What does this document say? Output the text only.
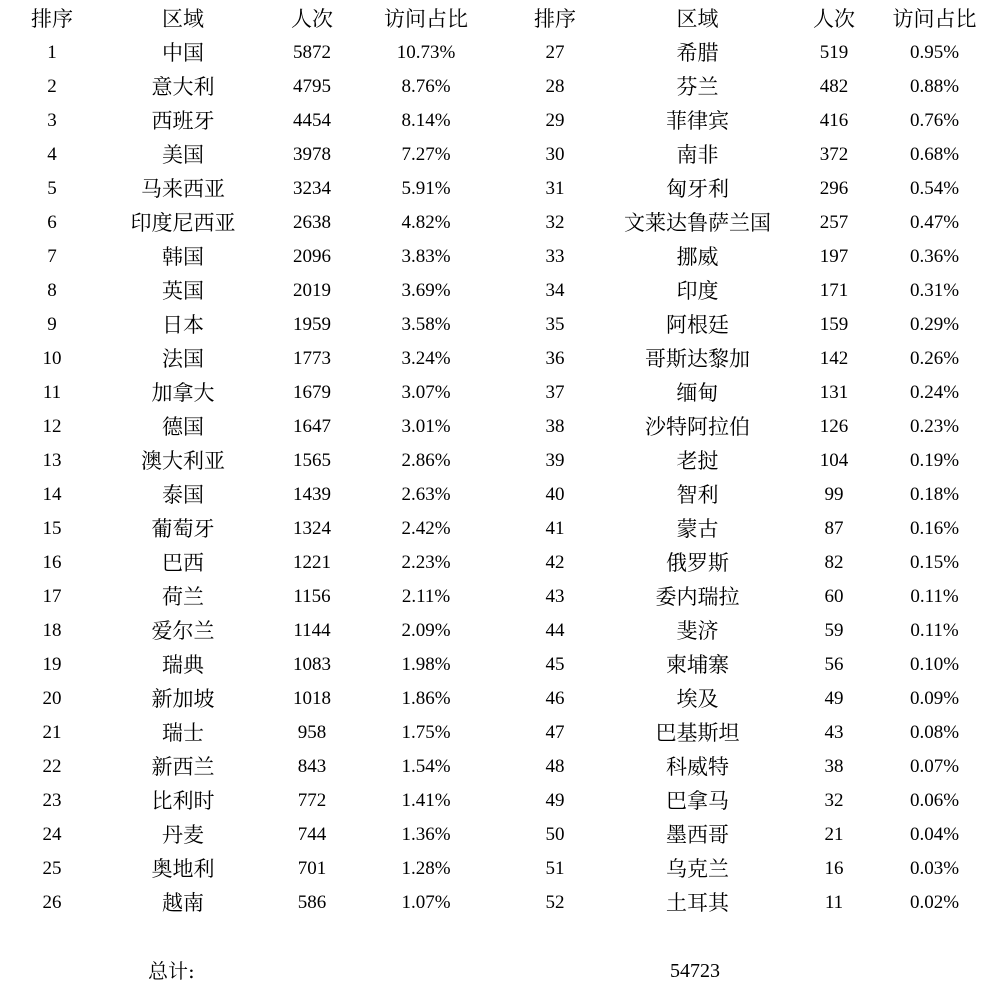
排序	区域	人次	访问占比
1	中国	5872	10.73%
2	意大利	4795	8.76%
3	西班牙	4454	8.14%
4	美国	3978	7.27%
5	马来西亚	3234	5.91%
6	印度尼西亚	2638	4.82%
7	韩国	2096	3.83%
8	英国	2019	3.69%
9	日本	1959	3.58%
10	法国	1773	3.24%
11	加拿大	1679	3.07%
12	德国	1647	3.01%
13	澳大利亚	1565	2.86%
14	泰国	1439	2.63%
15	葡萄牙	1324	2.42%
16	巴西	1221	2.23%
17	荷兰	1156	2.11%
18	爱尔兰	1144	2.09%
19	瑞典	1083	1.98%
20	新加坡	1018	1.86%
21	瑞士	958	1.75%
22	新西兰	843	1.54%
23	比利时	772	1.41%
24	丹麦	744	1.36%
25	奥地利	701	1.28%
26	越南	586	1.07%
排序	区域	人次	访问占比
27	希腊	519	0.95%
28	芬兰	482	0.88%
29	菲律宾	416	0.76%
30	南非	372	0.68%
31	匈牙利	296	0.54%
32	文莱达鲁萨兰国	257	0.47%
33	挪威	197	0.36%
34	印度	171	0.31%
35	阿根廷	159	0.29%
36	哥斯达黎加	142	0.26%
37	缅甸	131	0.24%
38	沙特阿拉伯	126	0.23%
39	老挝	104	0.19%
40	智利	99	0.18%
41	蒙古	87	0.16%
42	俄罗斯	82	0.15%
43	委内瑞拉	60	0.11%
44	斐济	59	0.11%
45	柬埔寨	56	0.10%
46	埃及	49	0.09%
47	巴基斯坦	43	0.08%
48	科威特	38	0.07%
49	巴拿马	32	0.06%
50	墨西哥	21	0.04%
51	乌克兰	16	0.03%
52	土耳其	11	0.02%
总计:	54723
